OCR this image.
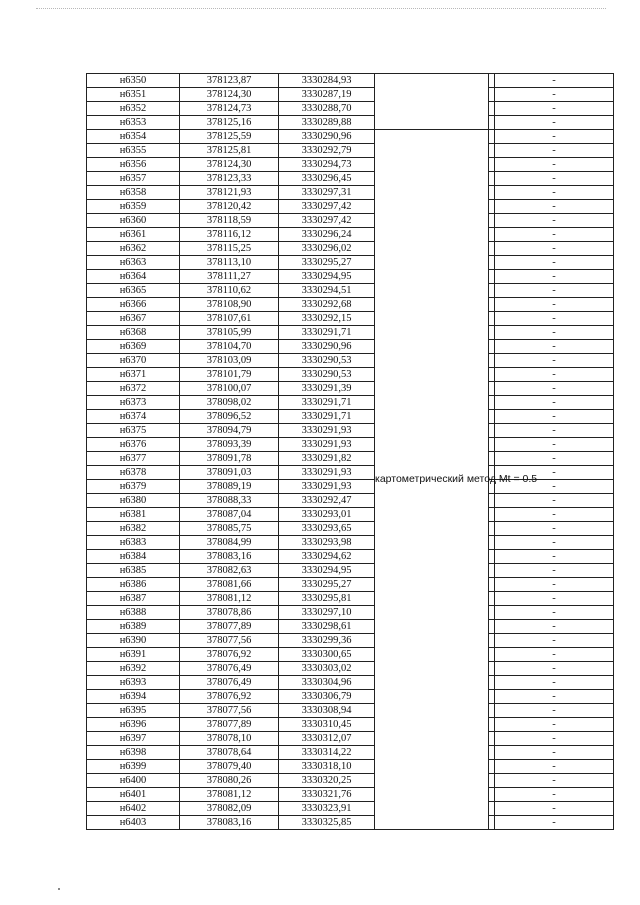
н6350	378123,87	3330284,93			-
н6351	378124,30	3330287,19			-
н6352	378124,73	3330288,70			-
н6353	378125,16	3330289,88			-
н6354	378125,59	3330290,96	картометрический метод Mt = 0.5		-
н6355	378125,81	3330292,79			-
н6356	378124,30	3330294,73			-
н6357	378123,33	3330296,45			-
н6358	378121,93	3330297,31			-
н6359	378120,42	3330297,42			-
н6360	378118,59	3330297,42			-
н6361	378116,12	3330296,24			-
н6362	378115,25	3330296,02			-
н6363	378113,10	3330295,27			-
н6364	378111,27	3330294,95			-
н6365	378110,62	3330294,51			-
н6366	378108,90	3330292,68			-
н6367	378107,61	3330292,15			-
н6368	378105,99	3330291,71			-
н6369	378104,70	3330290,96			-
н6370	378103,09	3330290,53			-
н6371	378101,79	3330290,53			-
н6372	378100,07	3330291,39			-
н6373	378098,02	3330291,71			-
н6374	378096,52	3330291,71			-
н6375	378094,79	3330291,93			-
н6376	378093,39	3330291,93			-
н6377	378091,78	3330291,82			-
н6378	378091,03	3330291,93			-
н6379	378089,19	3330291,93			-
н6380	378088,33	3330292,47			-
н6381	378087,04	3330293,01			-
н6382	378085,75	3330293,65			-
н6383	378084,99	3330293,98			-
н6384	378083,16	3330294,62			-
н6385	378082,63	3330294,95			-
н6386	378081,66	3330295,27			-
н6387	378081,12	3330295,81			-
н6388	378078,86	3330297,10			-
н6389	378077,89	3330298,61			-
н6390	378077,56	3330299,36			-
н6391	378076,92	3330300,65			-
н6392	378076,49	3330303,02			-
н6393	378076,49	3330304,96			-
н6394	378076,92	3330306,79			-
н6395	378077,56	3330308,94			-
н6396	378077,89	3330310,45			-
н6397	378078,10	3330312,07			-
н6398	378078,64	3330314,22			-
н6399	378079,40	3330318,10			-
н6400	378080,26	3330320,25			-
н6401	378081,12	3330321,76			-
н6402	378082,09	3330323,91			-
н6403	378083,16	3330325,85			-
